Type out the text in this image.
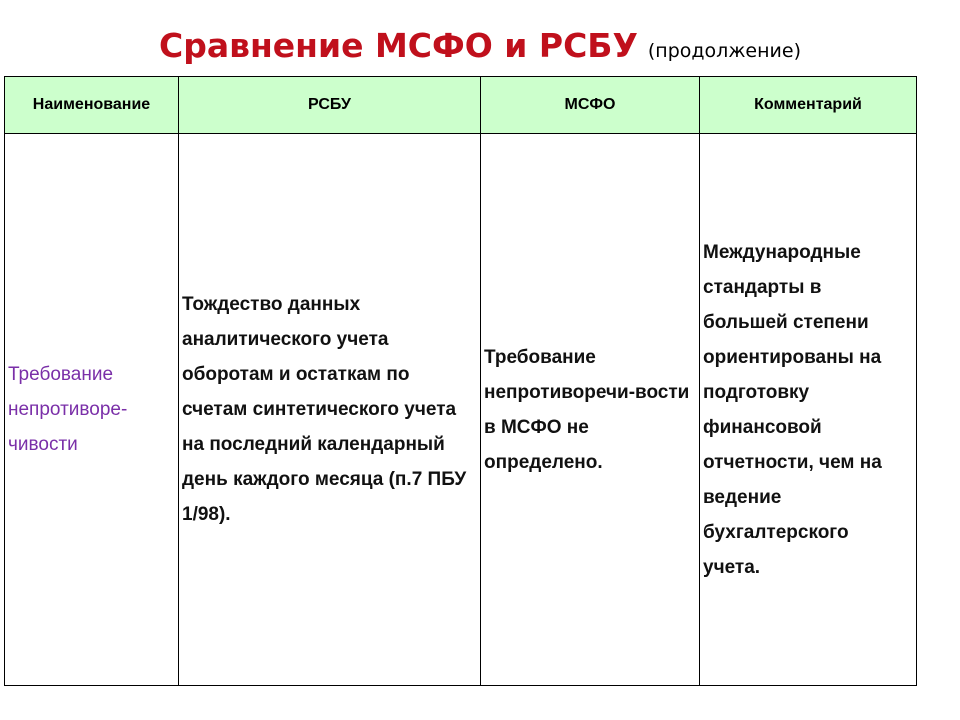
Сравнение МСФО и РСБУ (продолжение)
Наименование	РСБУ	МСФО	Комментарий

Требование непротиворе-чивости	Тождество данных аналитического учета оборотам и остаткам по счетам синтетического учета на последний календарный день каждого месяца (п.7 ПБУ 1/98).	Требование непротиворечи-вости в МСФО не определено.	Международные стандарты в большей степени ориентированы на подготовку финансовой отчетности, чем на ведение бухгалтерского учета.
